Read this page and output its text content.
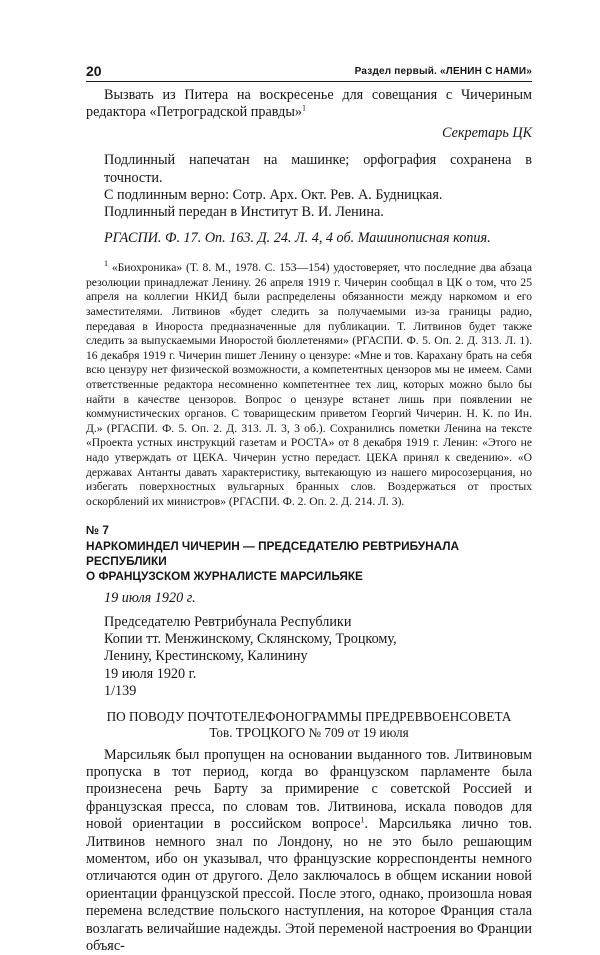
20	Раздел первый. «ЛЕНИН С НАМИ»

Вызвать из Питера на воскресенье для совещания с Чичериным редактора «Петроградской правды»$^1$

Секретарь ЦК

Подлинный напечатан на машинке; орфография сохранена в точности.
С подлинным верно: Сотр. Арх. Окт. Рев. А. Будницкая.
Подлинный передан в Институт В. И. Ленина.

РГАСПИ. Ф. 17. Оп. 163. Д. 24. Л. 4, 4 об. Машинописная копия.

$^1$ «Биохроника» (Т. 8. М., 1978. С. 153—154) удостоверяет, что последние два абзаца резолюции принадлежат Ленину. 26 апреля 1919 г. Чичерин сообщал в ЦК о том, что 25 апреля на коллегии НКИД были распределены обязанности между наркомом и его заместителями. Литвинов «будет следить за получаемыми из-за границы радио, передавая в Инороста предназначенные для публикации. Т. Литвинов будет также следить за выпускаемыми Инороcтой бюллетенями» (РГАСПИ. Ф. 5. Оп. 2. Д. 313. Л. 1). 16 декабря 1919 г. Чичерин пишет Ленину о цензуре: «Мне и тов. Карахану брать на себя всю цензуру нет физической возможности, а компетентных цензоров мы не имеем. Сами ответственные редактора несомненно компетентнее тех лиц, которых можно было бы найти в качестве цензоров. Вопрос о цензуре встанет лишь при появлении не коммунистических органов. С товарищеским приветом Георгий Чичерин. Н. К. по Ин. Д.» (РГАСПИ. Ф. 5. Оп. 2. Д. 313. Л. 3, 3 об.). Сохранились пометки Ленина на тексте «Проекта устных инструкций газетам и РОСТА» от 8 декабря 1919 г. Ленин: «Этого не надо утверждать от ЦЕКА. Чичерин устно передаст. ЦЕКА принял к сведению». «О державах Антанты давать характеристику, вытекающую из нашего миросозерцания, но избегать поверхностных вульгарных бранных слов. Воздержаться от простых оскорблений их министров» (РГАСПИ. Ф. 2. Оп. 2. Д. 214. Л. 3).

№ 7

НАРКОМИНДЕЛ ЧИЧЕРИН — ПРЕДСЕДАТЕЛЮ РЕВТРИБУНАЛА РЕСПУБЛИКИ

О ФРАНЦУЗСКОМ ЖУРНАЛИСТЕ МАРСИЛЬЯКЕ

19 июля 1920 г.

Председателю Ревтрибунала Республики
Копии тт. Менжинскому, Склянскому, Троцкому,
Ленину, Крестинскому, Калинину
19 июля 1920 г.
1/139

ПО ПОВОДУ ПОЧТОТЕЛЕФОНОГРАММЫ ПРЕДРЕВВОЕНСОВЕТА

Тов. ТРОЦКОГО № 709 от 19 июля

Марсильяк был пропущен на основании выданного тов. Литвиновым пропуска в тот период, когда во французском парламенте была произнесена речь Барту за примирение с советской Россией и французская пресса, по словам тов. Литвинова, искала поводов для новой ориентации в российском вопросе$^1$. Марсильяка лично тов. Литвинов немного знал по Лондону, но не это было решающим моментом, ибо он указывал, что французские корреспонденты немного отличаются один от другого. Дело заключалось в общем искании новой ориентации французской прессой. После этого, однако, произошла новая перемена вследствие польского наступления, на которое Франция стала возлагать величайшие надежды. Этой переменой настроения во Франции объяс-
